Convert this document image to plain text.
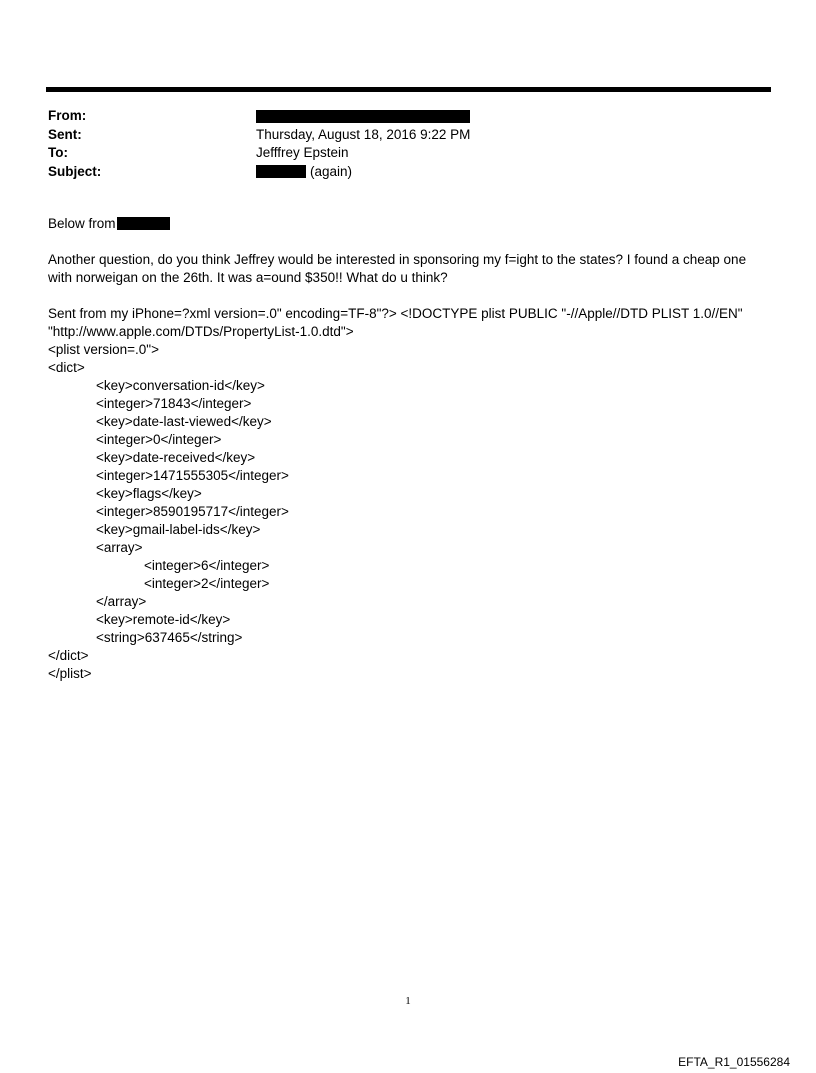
From:
Sent:	Thursday, August 18, 2016 9:22 PM
To:	Jefffrey Epstein
Subject:	(again)

Below from

Another question, do you think Jeffrey would be interested in sponsoring my f=ight to the states? I found a cheap one with norweigan on the 26th. It was a=ound $350!! What do u think?

Sent from my iPhone=?xml version=.0" encoding=TF-8"?> <!DOCTYPE plist PUBLIC "-//Apple//DTD PLIST 1.0//EN"

"http://www.apple.com/DTDs/PropertyList-1.0.dtd">

<plist version=.0">

<dict>

<key>conversation-id</key>

<integer>71843</integer>

<key>date-last-viewed</key>

<integer>0</integer>

<key>date-received</key>

<integer>1471555305</integer>

<key>flags</key>

<integer>8590195717</integer>

<key>gmail-label-ids</key>

<array>

<integer>6</integer>

<integer>2</integer>

</array>

<key>remote-id</key>

<string>637465</string>

</dict>

</plist>

1
EFTA_R1_01556284
